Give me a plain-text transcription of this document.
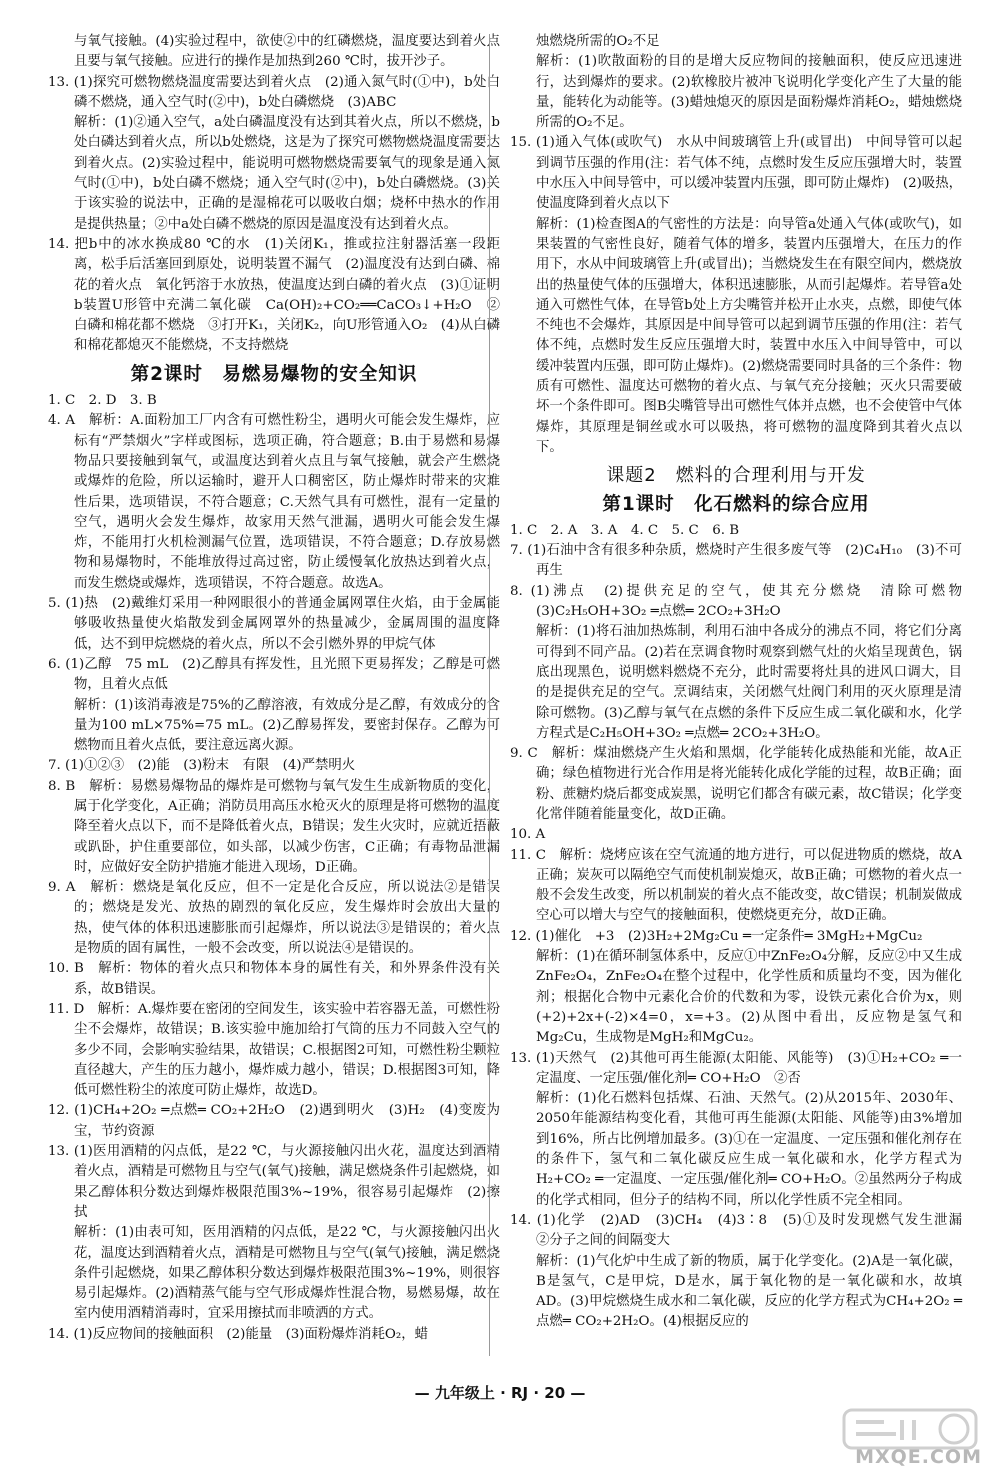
与氧气接触。(4)实验过程中，欲使②中的红磷燃烧，温度要达到着火点且要与氧气接触。应进行的操作是加热到260 ℃时，拔开沙子。

13. (1)探究可燃物燃烧温度需要达到着火点　(2)通入氮气时(①中)，b处白磷不燃烧，通入空气时(②中)，b处白磷燃烧　(3)ABC

解析：(1)②通入空气，a处白磷温度没有达到其着火点，所以不燃烧，b处白磷达到着火点，所以b处燃烧，这是为了探究可燃物燃烧温度需要达到着火点。(2)实验过程中，能说明可燃物燃烧需要氧气的现象是通入氮气时(①中)，b处白磷不燃烧；通入空气时(②中)，b处白磷燃烧。(3)关于该实验的说法中，正确的是湿棉花可以吸收白烟；烧杯中热水的作用是提供热量；②中a处白磷不燃烧的原因是温度没有达到着火点。

14. 把b中的冰水换成80 ℃的水　(1)关闭K₁，推或拉注射器活塞一段距离，松手后活塞回到原处，说明装置不漏气　(2)温度没有达到白磷、棉花的着火点　氧化钙溶于水放热，使温度达到白磷的着火点　(3)①证明b装置U形管中充满二氧化碳　Ca(OH)₂+CO₂══CaCO₃↓+H₂O　②白磷和棉花都不燃烧　③打开K₁，关闭K₂，向U形管通入O₂　(4)从白磷和棉花都熄灭不能燃烧，不支持燃烧

第2课时　易燃易爆物的安全知识

1. C　2. D　3. B

4. A　解析：A.面粉加工厂内含有可燃性粉尘，遇明火可能会发生爆炸，应标有“严禁烟火”字样或图标，选项正确，符合题意；B.由于易燃和易爆物品只要接触到氧气，或温度达到着火点且与氧气接触，就会产生燃烧或爆炸的危险，所以运输时，避开人口稠密区，防止爆炸时带来的灾难性后果，选项错误，不符合题意；C.天然气具有可燃性，混有一定量的空气，遇明火会发生爆炸，故家用天然气泄漏，遇明火可能会发生爆炸，不能用打火机检测漏气位置，选项错误，不符合题意；D.存放易燃物和易爆物时，不能堆放得过高过密，防止缓慢氧化放热达到着火点，而发生燃烧或爆炸，选项错误，不符合题意。故选A。

5. (1)热　(2)戴维灯采用一种网眼很小的普通金属网罩住火焰，由于金属能够吸收热量使火焰散发到金属网罩外的热量减少，金属周围的温度降低，达不到甲烷燃烧的着火点，所以不会引燃外界的甲烷气体

6. (1)乙醇　75 mL　(2)乙醇具有挥发性，且光照下更易挥发；乙醇是可燃物，且着火点低

解析：(1)该消毒液是75%的乙醇溶液，有效成分是乙醇，有效成分的含量为100 mL×75%=75 mL。(2)乙醇易挥发，要密封保存。乙醇为可燃物而且着火点低，要注意远离火源。

7. (1)①②③　(2)能　(3)粉末　有限　(4)严禁明火

8. B　解析：易燃易爆物品的爆炸是可燃物与氧气发生生成新物质的变化，属于化学变化，A正确；消防员用高压水枪灭火的原理是将可燃物的温度降至着火点以下，而不是降低着火点，B错误；发生火灾时，应就近捂蔽或趴卧，护住重要部位，如头部，以减少伤害，C正确；有毒物品泄漏时，应做好安全防护措施才能进入现场，D正确。

9. A　解析：燃烧是氧化反应，但不一定是化合反应，所以说法②是错误的；燃烧是发光、放热的剧烈的氧化反应，发生爆炸时会放出大量的热，使气体的体积迅速膨胀而引起爆炸，所以说法③是错误的；着火点是物质的固有属性，一般不会改变，所以说法④是错误的。

10. B　解析：物体的着火点只和物体本身的属性有关，和外界条件没有关系，故B错误。

11. D　解析：A.爆炸要在密闭的空间发生，该实验中若容器无盖，可燃性粉尘不会爆炸，故错误；B.该实验中施加给打气筒的压力不同鼓入空气的多少不同，会影响实验结果，故错误；C.根据图2可知，可燃性粉尘颗粒直径越大，产生的压力越小，爆炸威力越小，错误；D.根据图3可知，降低可燃性粉尘的浓度可防止爆炸，故选D。

12. (1)CH₄+2O₂ ═点燃═ CO₂+2H₂O　(2)遇到明火　(3)H₂　(4)变废为宝，节约资源

13. (1)医用酒精的闪点低，是22 ℃，与火源接触闪出火花，温度达到酒精着火点，酒精是可燃物且与空气(氧气)接触，满足燃烧条件引起燃烧，如果乙醇体积分数达到爆炸极限范围3%~19%，很容易引起爆炸　(2)擦拭

解析：(1)由表可知，医用酒精的闪点低，是22 ℃，与火源接触闪出火花，温度达到酒精着火点，酒精是可燃物且与空气(氧气)接触，满足燃烧条件引起燃烧，如果乙醇体积分数达到爆炸极限范围3%~19%，则很容易引起爆炸。(2)酒精蒸气能与空气形成爆炸性混合物，易燃易爆，故在室内使用酒精消毒时，宜采用擦拭而非喷洒的方式。

14. (1)反应物间的接触面积　(2)能量　(3)面粉爆炸消耗O₂，蜡

烛燃烧所需的O₂不足

解析：(1)吹散面粉的目的是增大反应物间的接触面积，使反应迅速进行，达到爆炸的要求。(2)软橡胶片被冲飞说明化学变化产生了大量的能量，能转化为动能等。(3)蜡烛熄灭的原因是面粉爆炸消耗O₂，蜡烛燃烧所需的O₂不足。

15. (1)通入气体(或吹气)　水从中间玻璃管上升(或冒出)　中间导管可以起到调节压强的作用(注：若气体不纯，点燃时发生反应压强增大时，装置中水压入中间导管中，可以缓冲装置内压强，即可防止爆炸)　(2)吸热，使温度降到着火点以下

解析：(1)检查图A的气密性的方法是：向导管a处通入气体(或吹气)，如果装置的气密性良好，随着气体的增多，装置内压强增大，在压力的作用下，水从中间玻璃管上升(或冒出)；当燃烧发生在有限空间内，燃烧放出的热量使气体的压强增大，体积迅速膨胀，从而引起爆炸。若导管a处通入可燃性气体，在导管b处上方尖嘴管并松开止水夹，点燃，即使气体不纯也不会爆炸，其原因是中间导管可以起到调节压强的作用(注：若气体不纯，点燃时发生反应压强增大时，装置中水压入中间导管中，可以缓冲装置内压强，即可防止爆炸)。(2)燃烧需要同时具备的三个条件：物质有可燃性、温度达可燃物的着火点、与氧气充分接触；灭火只需要破坏一个条件即可。图B尖嘴管导出可燃性气体并点燃，也不会使管中气体爆炸，其原理是铜丝或水可以吸热，将可燃物的温度降到其着火点以下。

课题2　燃料的合理利用与开发
第1课时　化石燃料的综合应用

1. C　2. A　3. A　4. C　5. C　6. B

7. (1)石油中含有很多种杂质，燃烧时产生很多废气等　(2)C₄H₁₀　(3)不可再生

8. (1)沸点　(2)提供充足的空气，使其充分燃烧　清除可燃物　(3)C₂H₅OH+3O₂ ═点燃═ 2CO₂+3H₂O

解析：(1)将石油加热炼制，利用石油中各成分的沸点不同，将它们分离可得到不同产品。(2)若在烹调食物时观察到燃气灶的火焰呈现黄色，锅底出现黑色，说明燃料燃烧不充分，此时需要将灶具的进风口调大，目的是提供充足的空气。烹调结束，关闭燃气灶阀门利用的灭火原理是清除可燃物。(3)乙醇与氧气在点燃的条件下反应生成二氧化碳和水，化学方程式是C₂H₅OH+3O₂ ═点燃═ 2CO₂+3H₂O。

9. C　解析：煤油燃烧产生火焰和黑烟，化学能转化成热能和光能，故A正确；绿色植物进行光合作用是将光能转化成化学能的过程，故B正确；面粉、蔗糖灼烧后都变成炭黑，说明它们都含有碳元素，故C错误；化学变化常伴随着能量变化，故D正确。

10. A

11. C　解析：烧烤应该在空气流通的地方进行，可以促进物质的燃烧，故A正确；炭灰可以隔绝空气而使机制炭熄灭，故B正确；可燃物的着火点一般不会发生改变，所以机制炭的着火点不能改变，故C错误；机制炭做成空心可以增大与空气的接触面积，使燃烧更充分，故D正确。

12. (1)催化　+3　(2)3H₂+2Mg₂Cu ═一定条件═ 3MgH₂+MgCu₂

解析：(1)在循环制氢体系中，反应①中ZnFe₂O₄分解，反应②中又生成ZnFe₂O₄，ZnFe₂O₄在整个过程中，化学性质和质量均不变，因为催化剂；根据化合物中元素化合价的代数和为零，设铁元素化合价为x，则(+2)+2x+(-2)×4=0，x=+3。(2)从图中看出，反应物是氢气和Mg₂Cu，生成物是MgH₂和MgCu₂。

13. (1)天然气　(2)其他可再生能源(太阳能、风能等)　(3)①H₂+CO₂ ═一定温度、一定压强/催化剂═ CO+H₂O　②否

解析：(1)化石燃料包括煤、石油、天然气。(2)从2015年、2030年、2050年能源结构变化看，其他可再生能源(太阳能、风能等)由3%增加到16%，所占比例增加最多。(3)①在一定温度、一定压强和催化剂存在的条件下，氢气和二氧化碳反应生成一氧化碳和水，化学方程式为H₂+CO₂ ═一定温度、一定压强/催化剂═ CO+H₂O。②虽然两分子构成的化学式相同，但分子的结构不同，所以化学性质不完全相同。

14. (1)化学　(2)AD　(3)CH₄　(4)3∶8　(5)①及时发现燃气发生泄漏　②分子之间的间隔变大

解析：(1)气化炉中生成了新的物质，属于化学变化。(2)A是一氧化碳，B是氢气，C是甲烷，D是水，属于氧化物的是一氧化碳和水，故填AD。(3)甲烷燃烧生成水和二氧化碳，反应的化学方程式为CH₄+2O₂ ═点燃═ CO₂+2H₂O。(4)根据反应的

— 九年级上 · RJ · 20 —
MXQE.COM
